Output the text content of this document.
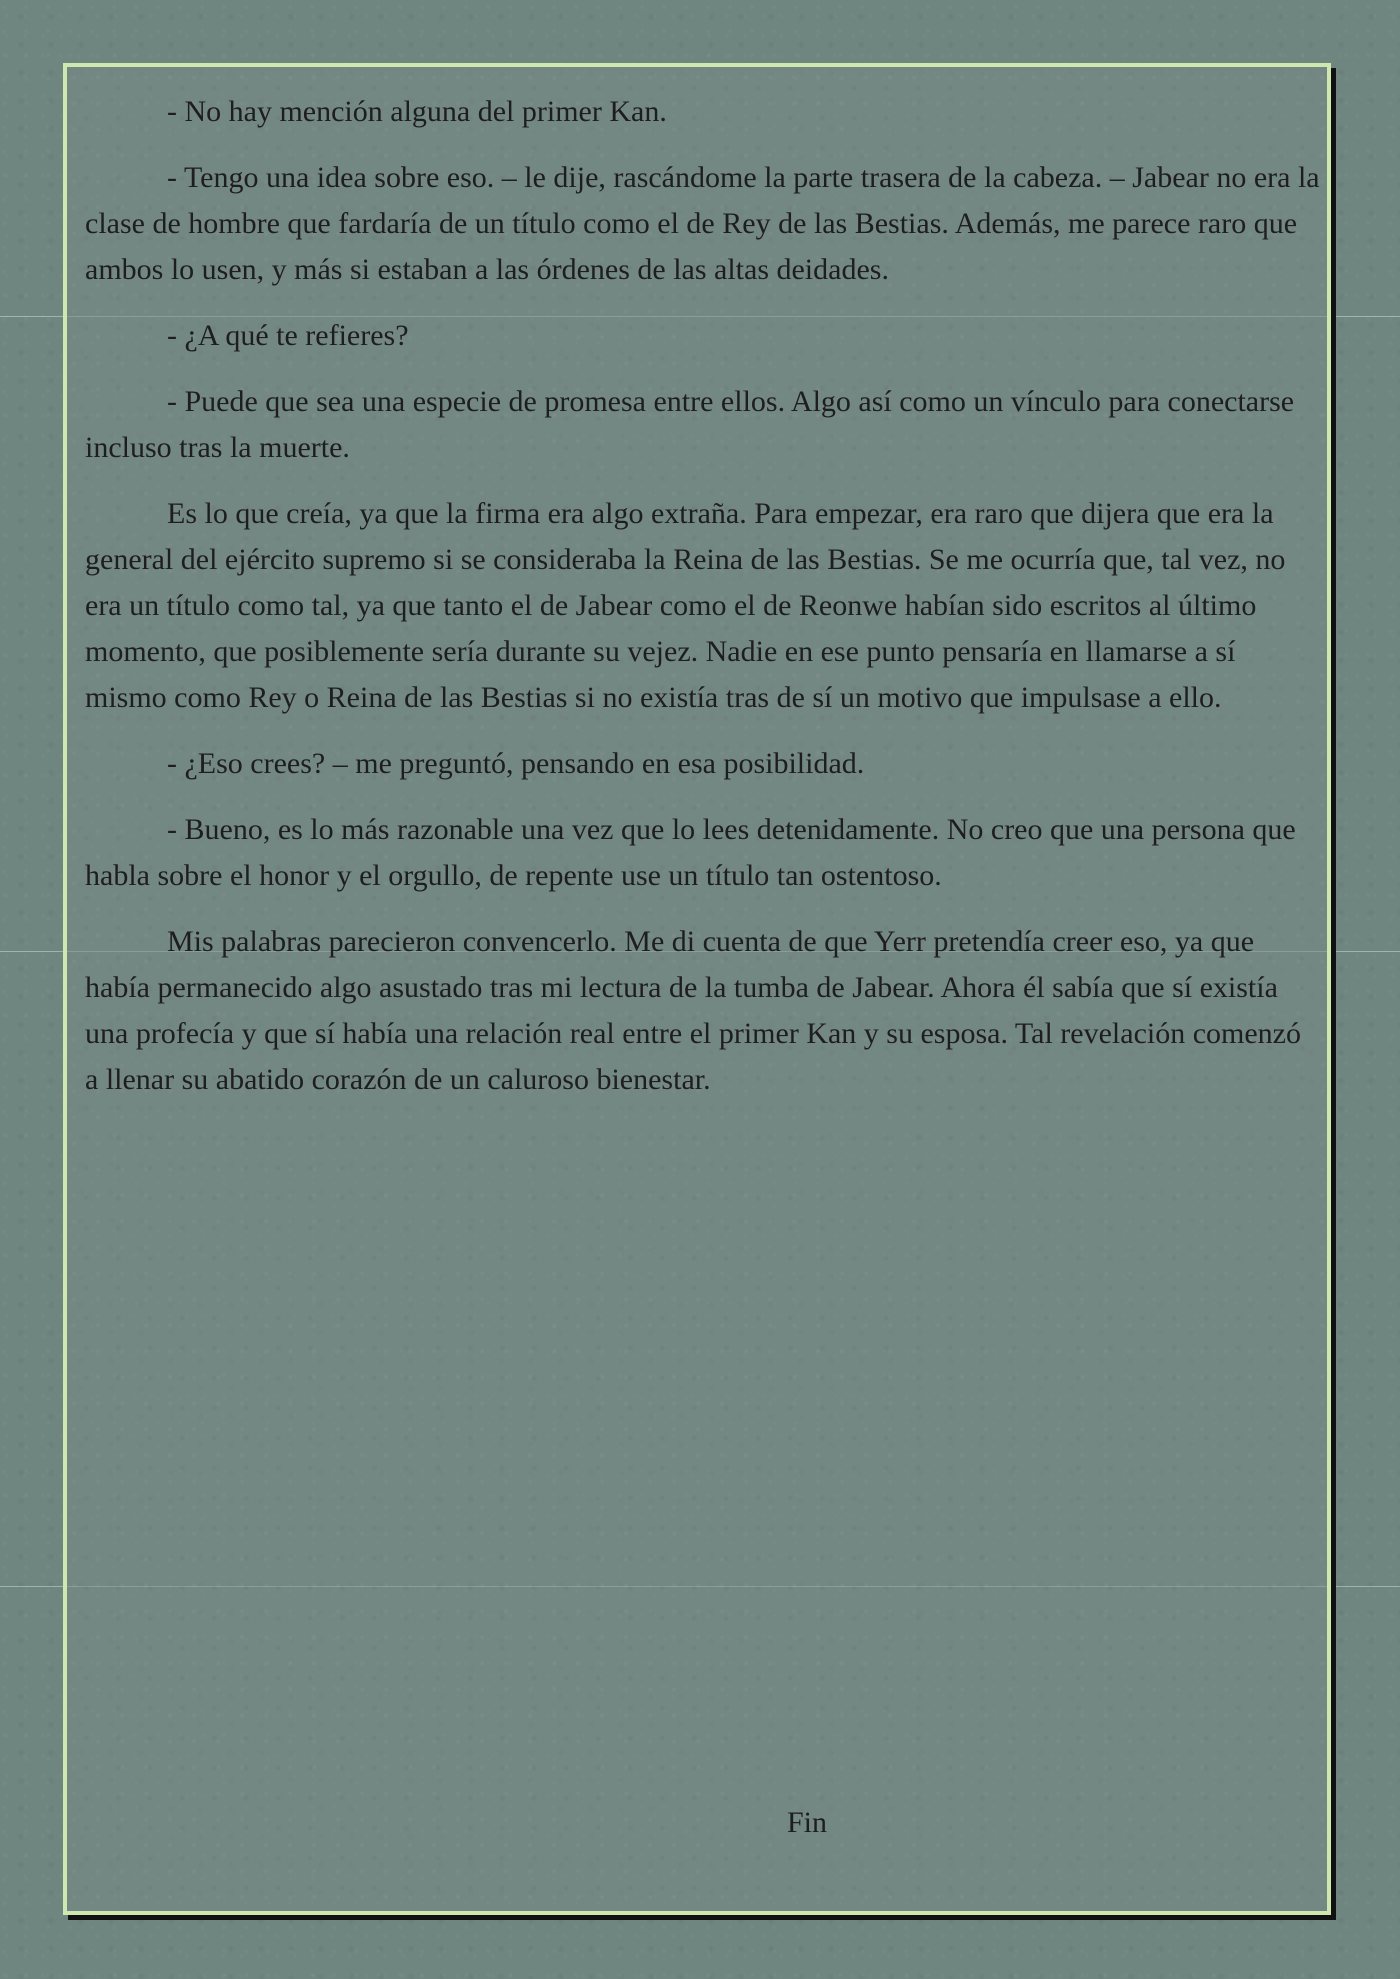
- No hay mención alguna del primer Kan.

- Tengo una idea sobre eso. – le dije, rascándome la parte trasera de la cabeza. – Jabear no era la clase de hombre que fardaría de un título como el de Rey de las Bestias. Además, me parece raro que ambos lo usen, y más si estaban a las órdenes de las altas deidades.

- ¿A qué te refieres?

- Puede que sea una especie de promesa entre ellos. Algo así como un vínculo para conectarse incluso tras la muerte.

Es lo que creía, ya que la firma era algo extraña. Para empezar, era raro que dijera que era la general del ejército supremo si se consideraba la Reina de las Bestias. Se me ocurría que, tal vez, no era un título como tal, ya que tanto el de Jabear como el de Reonwe habían sido escritos al último momento, que posiblemente sería durante su vejez. Nadie en ese punto pensaría en llamarse a sí mismo como Rey o Reina de las Bestias si no existía tras de sí un motivo que impulsase a ello.

- ¿Eso crees? – me preguntó, pensando en esa posibilidad.

- Bueno, es lo más razonable una vez que lo lees detenidamente. No creo que una persona que habla sobre el honor y el orgullo, de repente use un título tan ostentoso.

Mis palabras parecieron convencerlo. Me di cuenta de que Yerr pretendía creer eso, ya que había permanecido algo asustado tras mi lectura de la tumba de Jabear. Ahora él sabía que sí existía una profecía y que sí había una relación real entre el primer Kan y su esposa. Tal revelación comenzó a llenar su abatido corazón de un caluroso bienestar.

Fin
